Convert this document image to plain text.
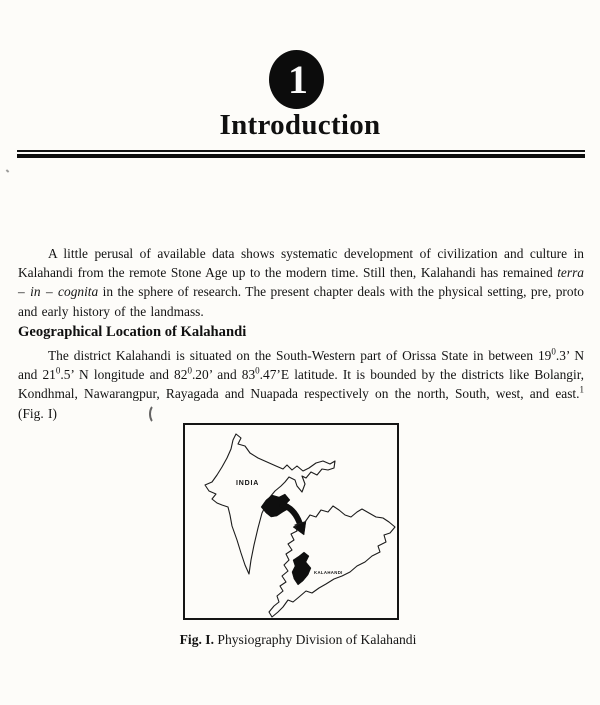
1
Introduction

A little perusal of available data shows systematic development of civilization and culture in Kalahandi from the remote Stone Age up to the modern time. Still then, Kalahandi has remained terra – in – cognita in the sphere of research. The present chapter deals with the physical setting, pre, proto and early history of the landmass.

Geographical Location of Kalahandi

The district Kalahandi is situated on the South-Western part of Orissa State in between $19^0.3$’ N and $21^0.5$’ N longitude and $82^0.20$’ and $83^0.47’E$ latitude. It is bounded by the districts like Bolangir, Kondhmal, Nawarangpur, Rayagada and Nuapada respectively on the north, South, west, and east.$^1$ (Fig. I)

INDIA
KALAHANDI

Fig. I. Physiography Division of Kalahandi
